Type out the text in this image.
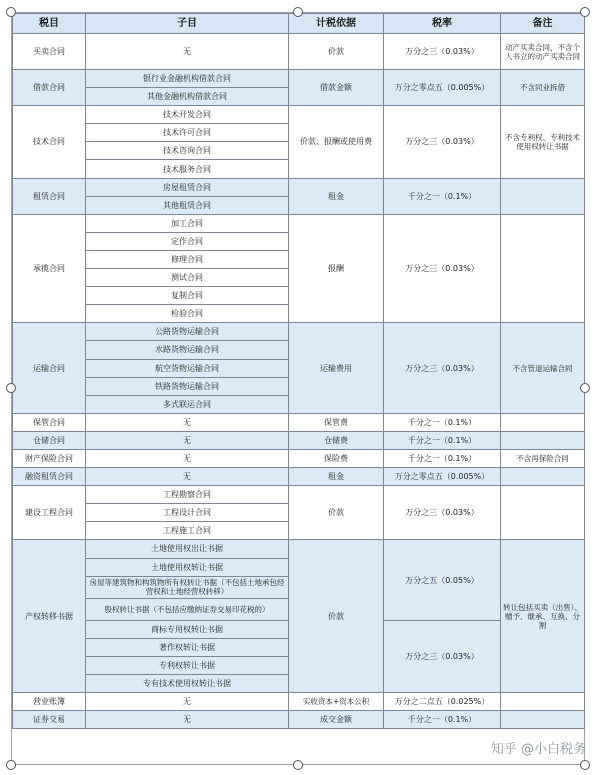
税目	子目	计税依据	税率	备注
买卖合同	无	价款	万分之三（0.03%）	动产买卖合同，不含个人书立的动产买卖合同
借款合同	银行业金融机构借款合同	借款金额	万分之零点五（0.005%）	不含同业拆借
	其他金融机构借款合同			
技术合同	技术开发合同	价款、报酬或使用费	万分之三（0.03%）	不含专利权、专利技术使用权转让书据
	技术许可合同			
	技术咨询合同			
	技术服务合同			
租赁合同	房屋租赁合同	租金	千分之一（0.1%）	
	其他租赁合同			
承揽合同	加工合同	报酬	万分之三（0.03%）	
	定作合同			
	修理合同			
	测试合同			
	复制合同			
	检验合同			
运输合同	公路货物运输合同	运输费用	万分之三（0.03%）	不含管道运输合同
	水路货物运输合同			
	航空货物运输合同			
	铁路货物运输合同			
	多式联运合同			
保管合同	无	保管费	千分之一（0.1%）	
仓储合同	无	仓储费	千分之一（0.1%）	
财产保险合同	无	保险费	千分之一（0.1%）	不含再保险合同
融资租赁合同	无	租金	万分之零点五（0.005%）	
建设工程合同	工程勘察合同	价款	万分之三（0.03%）	
	工程设计合同			
	工程施工合同			
产权转移书据	土地使用权出让书据	价款	万分之五（0.05%）	转让包括买卖（出售）、赠予、继承、互换、分割
	土地使用权转让书据			
	房屋等建筑物和构筑物所有权转让书据（不包括土地承包经营权和土地经营权转移）			
	股权转让书据（不包括应缴纳证券交易印花税的）			
	商标专用权转让书据		万分之三（0.03%）	
	著作权转让书据			
	专利权转让书据			
	专有技术使用权转让书据			
营业账簿	无	实收资本+资本公积	万分之二点五（0.025%）	
证券交易	无	成交金额	千分之一（0.1%）	
知乎 @小白税务
